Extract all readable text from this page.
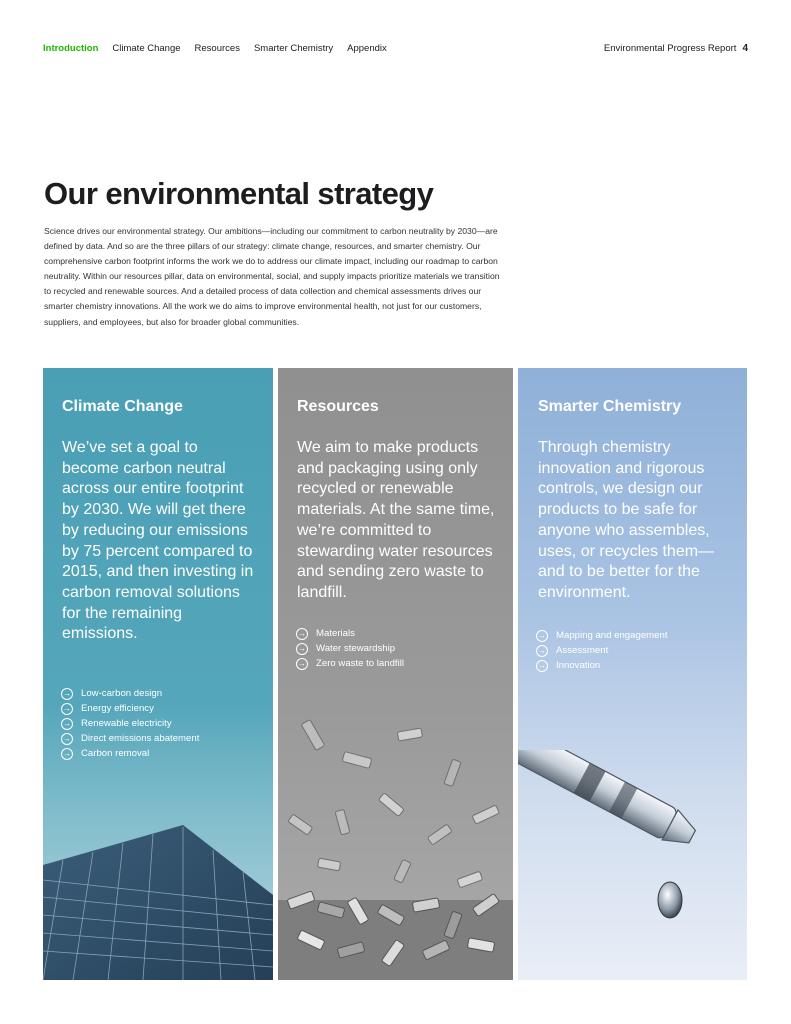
Introduction Climate Change Resources Smarter Chemistry Appendix	Environmental Progress Report 4
Our environmental strategy

Science drives our environmental strategy. Our ambitions—including our commitment to carbon neutrality by 2030—are defined by data. And so are the three pillars of our strategy: climate change, resources, and smarter chemistry. Our comprehensive carbon footprint informs the work we do to address our climate impact, including our roadmap to carbon neutrality. Within our resources pillar, data on environmental, social, and supply impacts prioritize materials we transition to recycled and renewable sources. And a detailed process of data collection and chemical assessments drives our smarter chemistry innovations. All the work we do aims to improve environmental health, not just for our customers, suppliers, and employees, but also for broader global communities.

Climate Change

We’ve set a goal to become carbon neutral across our entire footprint by 2030. We will get there by reducing our emissions by 75 percent compared to 2015, and then investing in carbon removal solutions for the remaining emissions.

→ Low-carbon design
→ Energy efficiency
→ Renewable electricity
→ Direct emissions abatement
→ Carbon removal
Resources

We aim to make products and packaging using only recycled or renewable materials. At the same time, we’re committed to stewarding water resources and sending zero waste to landfill.

→ Materials
→ Water stewardship
→ Zero waste to landfill
Smarter Chemistry

Through chemistry innovation and rigorous controls, we design our products to be safe for anyone who assembles, uses, or recycles them—and to be better for the environment.

→ Mapping and engagement
→ Assessment
→ Innovation
